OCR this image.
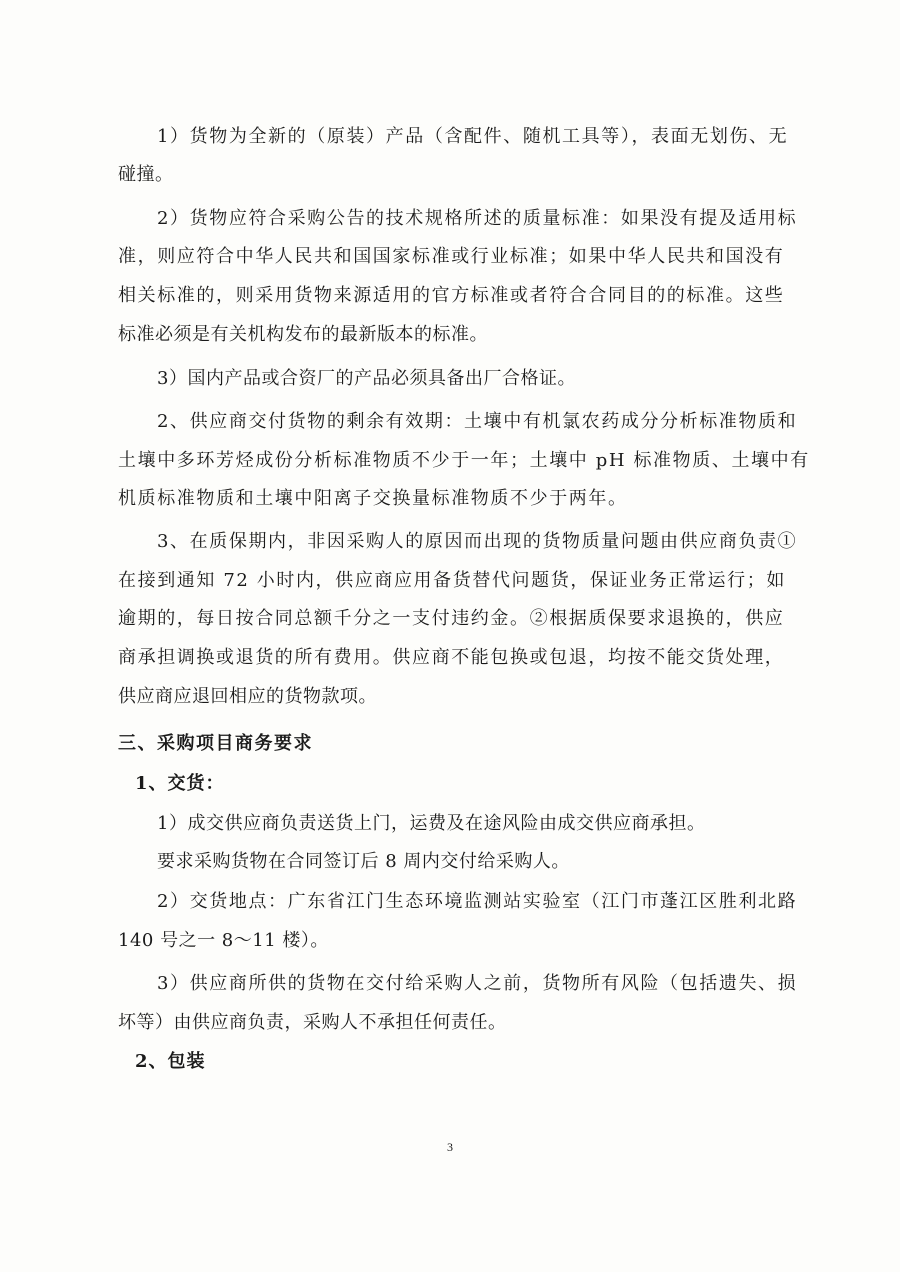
1）货物为全新的（原装）产品（含配件、随机工具等），表面无划伤、无
碰撞。
2）货物应符合采购公告的技术规格所述的质量标准：如果没有提及适用标
准，则应符合中华人民共和国国家标准或行业标准；如果中华人民共和国没有
相关标准的，则采用货物来源适用的官方标准或者符合合同目的的标准。这些
标准必须是有关机构发布的最新版本的标准。
3）国内产品或合资厂的产品必须具备出厂合格证。
2、供应商交付货物的剩余有效期：土壤中有机氯农药成分分析标准物质和
土壤中多环芳烃成份分析标准物质不少于一年；土壤中 pH 标准物质、土壤中有
机质标准物质和土壤中阳离子交换量标准物质不少于两年。
3、在质保期内，非因采购人的原因而出现的货物质量问题由供应商负责①
在接到通知 72 小时内，供应商应用备货替代问题货，保证业务正常运行；如
逾期的，每日按合同总额千分之一支付违约金。②根据质保要求退换的，供应
商承担调换或退货的所有费用。供应商不能包换或包退，均按不能交货处理，
供应商应退回相应的货物款项。
三、采购项目商务要求
1、交货：
1）成交供应商负责送货上门，运费及在途风险由成交供应商承担。
要求采购货物在合同签订后 8 周内交付给采购人。
2）交货地点：广东省江门生态环境监测站实验室（江门市蓬江区胜利北路
140 号之一 8～11 楼）。
3）供应商所供的货物在交付给采购人之前，货物所有风险（包括遗失、损
坏等）由供应商负责，采购人不承担任何责任。
2、包装
3
